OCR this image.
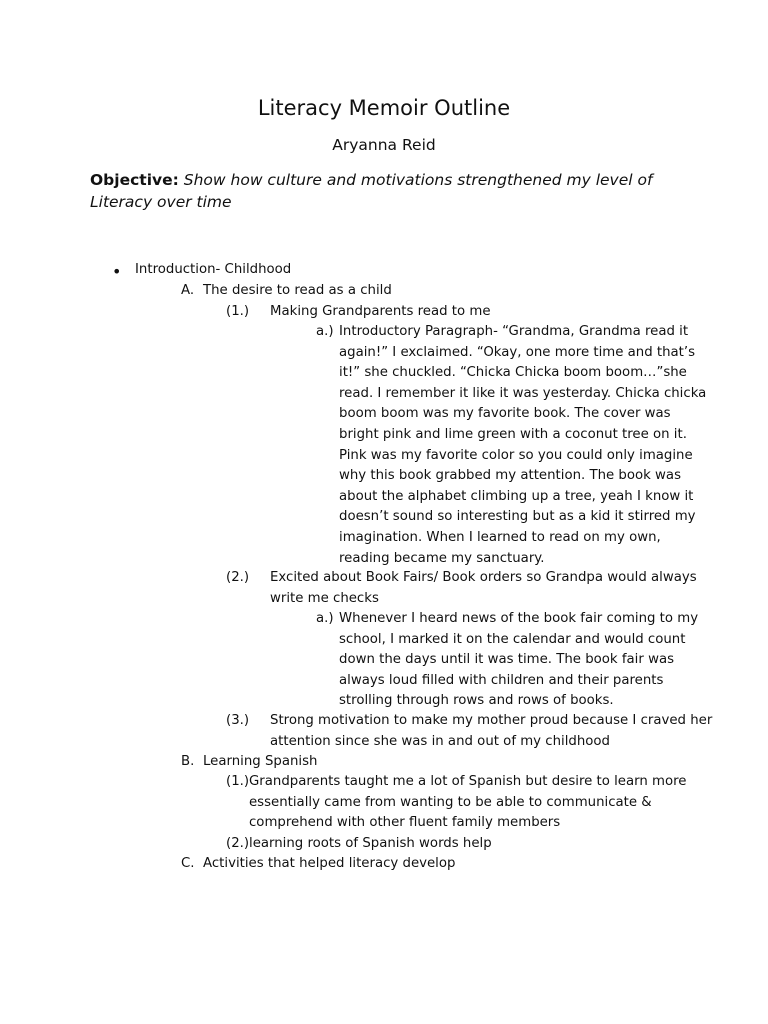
Literacy Memoir Outline
Aryanna Reid
Objective: Show how culture and motivations strengthened my level of Literacy over time
• Introduction- Childhood
A. The desire to read as a child
(1.) Making Grandparents read to me
a.) Introductory Paragraph- “Grandma, Grandma read it
again!” I exclaimed. “Okay, one more time and that’s
it!” she chuckled. “Chicka Chicka boom boom…”she
read. I remember it like it was yesterday. Chicka chicka
boom boom was my favorite book. The cover was
bright pink and lime green with a coconut tree on it.
Pink was my favorite color so you could only imagine
why this book grabbed my attention. The book was
about the alphabet climbing up a tree, yeah I know it
doesn’t sound so interesting but as a kid it stirred my
imagination. When I learned to read on my own,
reading became my sanctuary.
(2.) Excited about Book Fairs/ Book orders so Grandpa would always
write me checks
a.) Whenever I heard news of the book fair coming to my
school, I marked it on the calendar and would count
down the days until it was time. The book fair was
always loud filled with children and their parents
strolling through rows and rows of books.
(3.) Strong motivation to make my mother proud because I craved her
attention since she was in and out of my childhood
B. Learning Spanish
(1.) Grandparents taught me a lot of Spanish but desire to learn more
essentially came from wanting to be able to communicate &
comprehend with other fluent family members
(2.) learning roots of Spanish words help
C. Activities that helped literacy develop
